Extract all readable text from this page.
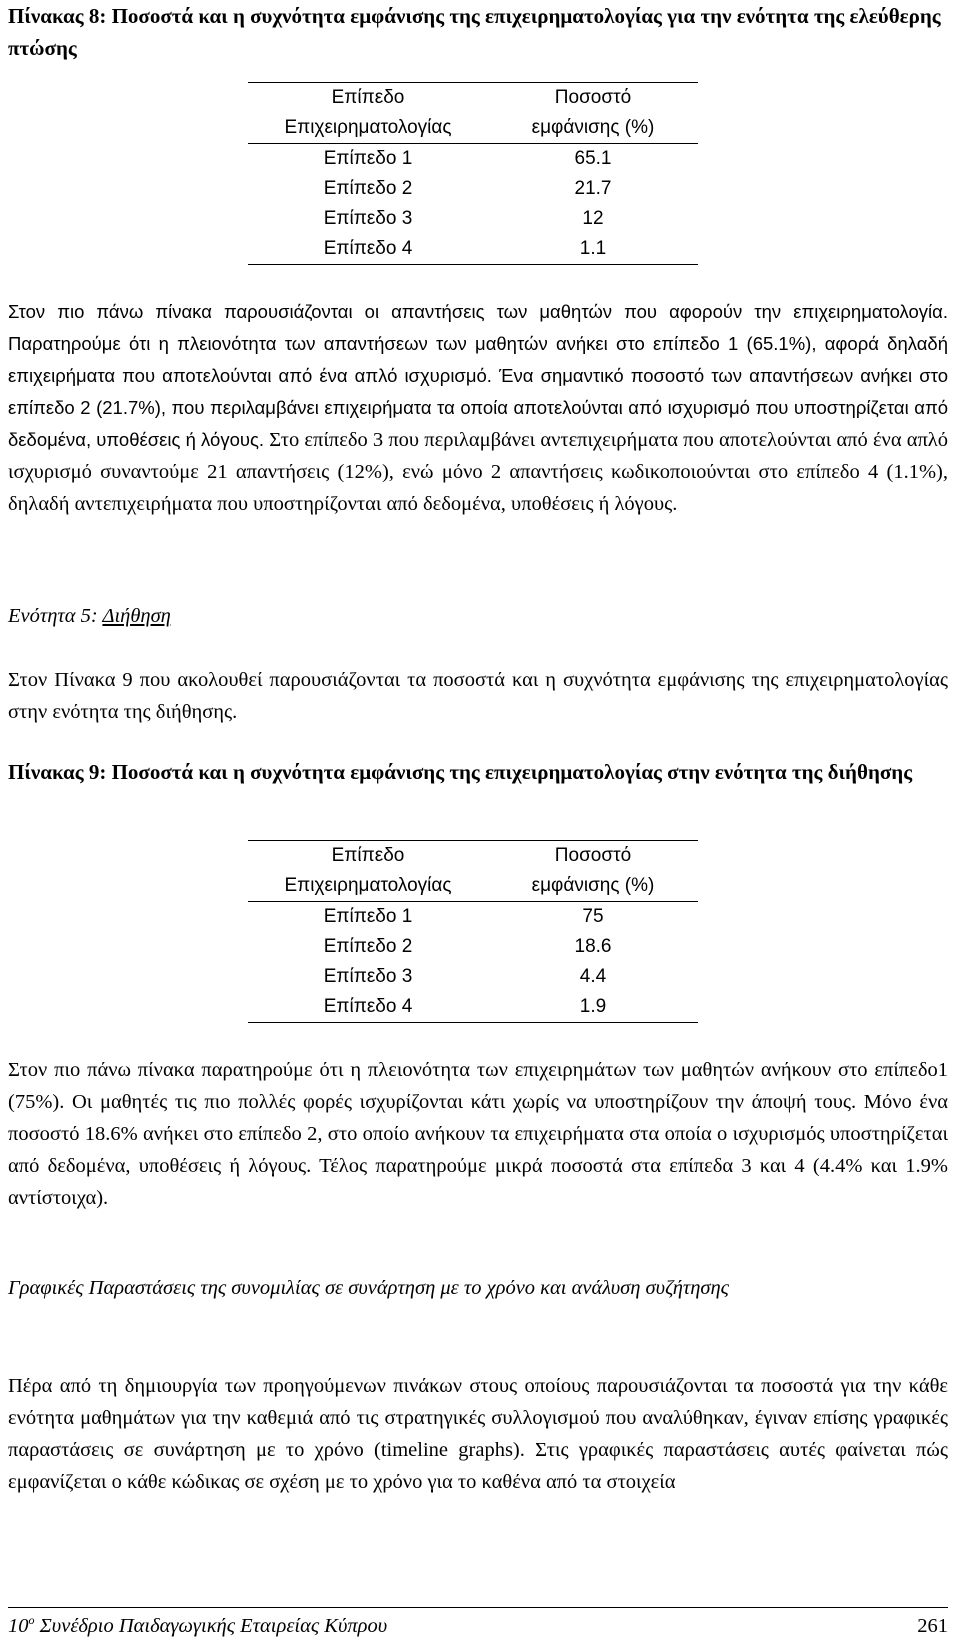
Πίνακας 8: Ποσοστά και η συχνότητα εμφάνισης της επιχειρηματολογίας για την ενότητα της ελεύθερης πτώσης

Επίπεδο	Ποσοστό
Επιχειρηματολογίας	εμφάνισης (%)
Επίπεδο 1	65.1
Επίπεδο 2	21.7
Επίπεδο 3	12
Επίπεδο 4	1.1
Στον πιο πάνω πίνακα παρουσιάζονται οι απαντήσεις των μαθητών που αφορούν την επιχειρηματολογία. Παρατηρούμε ότι η πλειονότητα των απαντήσεων των μαθητών ανήκει στο επίπεδο 1 (65.1%), αφορά δηλαδή επιχειρήματα που αποτελούνται από ένα απλό ισχυρισμό. Ένα σημαντικό ποσοστό των απαντήσεων ανήκει στο επίπεδο 2 (21.7%), που περιλαμβάνει επιχειρήματα τα οποία αποτελούνται από ισχυρισμό που υποστηρίζεται από δεδομένα, υποθέσεις ή λόγους. Στο επίπεδο 3 που περιλαμβάνει αντεπιχειρήματα που αποτελούνται από ένα απλό ισχυρισμό συναντούμε 21 απαντήσεις (12%), ενώ μόνο 2 απαντήσεις κωδικοποιούνται στο επίπεδο 4 (1.1%), δηλαδή αντεπιχειρήματα που υποστηρίζονται από δεδομένα, υποθέσεις ή λόγους.

Ενότητα 5: Διήθηση

Στον Πίνακα 9 που ακολουθεί παρουσιάζονται τα ποσοστά και η συχνότητα εμφάνισης της επιχειρηματολογίας στην ενότητα της διήθησης.

Πίνακας 9: Ποσοστά και η συχνότητα εμφάνισης της επιχειρηματολογίας στην ενότητα της διήθησης

Επίπεδο	Ποσοστό
Επιχειρηματολογίας	εμφάνισης (%)
Επίπεδο 1	75
Επίπεδο 2	18.6
Επίπεδο 3	4.4
Επίπεδο 4	1.9

Στον πιο πάνω πίνακα παρατηρούμε ότι η πλειονότητα των επιχειρημάτων των μαθητών ανήκουν στο επίπεδο1 (75%). Οι μαθητές τις πιο πολλές φορές ισχυρίζονται κάτι χωρίς να υποστηρίζουν την άποψή τους. Μόνο ένα ποσοστό 18.6% ανήκει στο επίπεδο 2, στο οποίο ανήκουν τα επιχειρήματα στα οποία ο ισχυρισμός υποστηρίζεται από δεδομένα, υποθέσεις ή λόγους. Τέλος παρατηρούμε μικρά ποσοστά στα επίπεδα 3 και 4 (4.4% και 1.9% αντίστοιχα).

Γραφικές Παραστάσεις της συνομιλίας σε συνάρτηση με το χρόνο και ανάλυση συζήτησης

Πέρα από τη δημιουργία των προηγούμενων πινάκων στους οποίους παρουσιάζονται τα ποσοστά για την κάθε ενότητα μαθημάτων για την καθεμιά από τις στρατηγικές συλλογισμού που αναλύθηκαν, έγιναν επίσης γραφικές παραστάσεις σε συνάρτηση με το χρόνο (timeline graphs). Στις γραφικές παραστάσεις αυτές φαίνεται πώς εμφανίζεται ο κάθε κώδικας σε σχέση με το χρόνο για το καθένα από τα στοιχεία

$10^o$ Συνέδριο Παιδαγωγικής Εταιρείας Κύπρου	261
